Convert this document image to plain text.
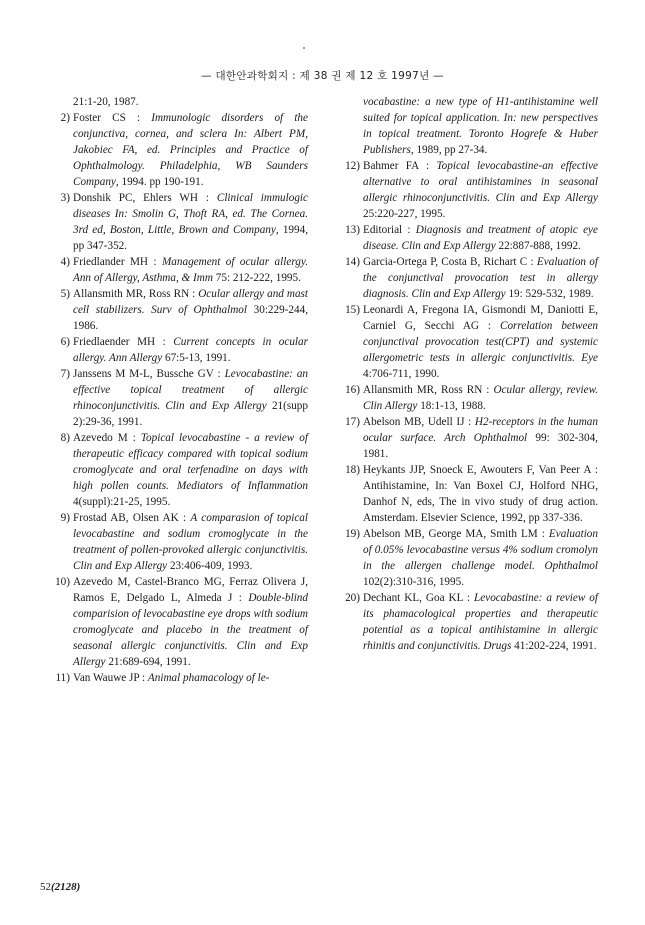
— 대한안과학회지 : 제 38 권 제 12 호 1997년 —

21:1-20, 1987.

2) Foster CS : Immunologic disorders of the conjunctiva, cornea, and sclera In: Albert PM, Jakobiec FA, ed. Principles and Practice of Ophthalmology. Philadelphia, WB Saunders Company, 1994. pp 190-191.

3) Donshik PC, Ehlers WH : Clinical immulogic diseases In: Smolin G, Thoft RA, ed. The Cornea. 3rd ed, Boston, Little, Brown and Company, 1994, pp 347-352.

4) Friedlander MH : Management of ocular allergy. Ann of Allergy, Asthma, & Imm 75: 212-222, 1995.

5) Allansmith MR, Ross RN : Ocular allergy and mast cell stabilizers. Surv of Ophthalmol 30:229-244, 1986.

6) Friedlaender MH : Current concepts in ocular allergy. Ann Allergy 67:5-13, 1991.

7) Janssens M M-L, Bussche GV : Levocabastine: an effective topical treatment of allergic rhinoconjunctivitis. Clin and Exp Allergy 21(supp 2):29-36, 1991.

8) Azevedo M : Topical levocabastine - a review of therapeutic efficacy compared with topical sodium cromoglycate and oral terfenadine on days with high pollen counts. Mediators of Inflammation 4(suppl):21-25, 1995.

9) Frostad AB, Olsen AK : A comparasion of topical levocabastine and sodium cromoglycate in the treatment of pollen-provoked allergic conjunctivitis. Clin and Exp Allergy 23:406-409, 1993.

10) Azevedo M, Castel-Branco MG, Ferraz Olivera J, Ramos E, Delgado L, Almeda J : Double-blind comparision of levocabastine eye drops with sodium cromoglycate and placebo in the treatment of seasonal allergic conjunctivitis. Clin and Exp Allergy 21:689-694, 1991.

11) Van Wauwe JP : Animal phamacology of le-

vocabastine: a new type of H1-antihistamine well suited for topical application. In: new perspectives in topical treatment. Toronto Hogrefe & Huber Publishers, 1989, pp 27-34.

12) Bahmer FA : Topical levocabastine-an effective alternative to oral antihistamines in seasonal allergic rhinoconjunctivitis. Clin and Exp Allergy 25:220-227, 1995.

13) Editorial : Diagnosis and treatment of atopic eye disease. Clin and Exp Allergy 22:887-888, 1992.

14) Garcia-Ortega P, Costa B, Richart C : Evaluation of the conjunctival provocation test in allergy diagnosis. Clin and Exp Allergy 19: 529-532, 1989.

15) Leonardi A, Fregona IA, Gismondi M, Daniotti E, Carniel G, Secchi AG : Correlation between conjunctival provocation test(CPT) and systemic allergometric tests in allergic conjunctivitis. Eye 4:706-711, 1990.

16) Allansmith MR, Ross RN : Ocular allergy, review. Clin Allergy 18:1-13, 1988.

17) Abelson MB, Udell IJ : H2-receptors in the human ocular surface. Arch Ophthalmol 99: 302-304, 1981.

18) Heykants JJP, Snoeck E, Awouters F, Van Peer A : Antihistamine, In: Van Boxel CJ, Holford NHG, Danhof N, eds, The in vivo study of drug action. Amsterdam. Elsevier Science, 1992, pp 337-336.

19) Abelson MB, George MA, Smith LM : Evaluation of 0.05% levocabastine versus 4% sodium cromolyn in the allergen challenge model. Ophthalmol 102(2):310-316, 1995.

20) Dechant KL, Goa KL : Levocabastine: a review of its phamacological properties and therapeutic potential as a topical antihistamine in allergic rhinitis and conjunctivitis. Drugs 41:202-224, 1991.

52(2128)
